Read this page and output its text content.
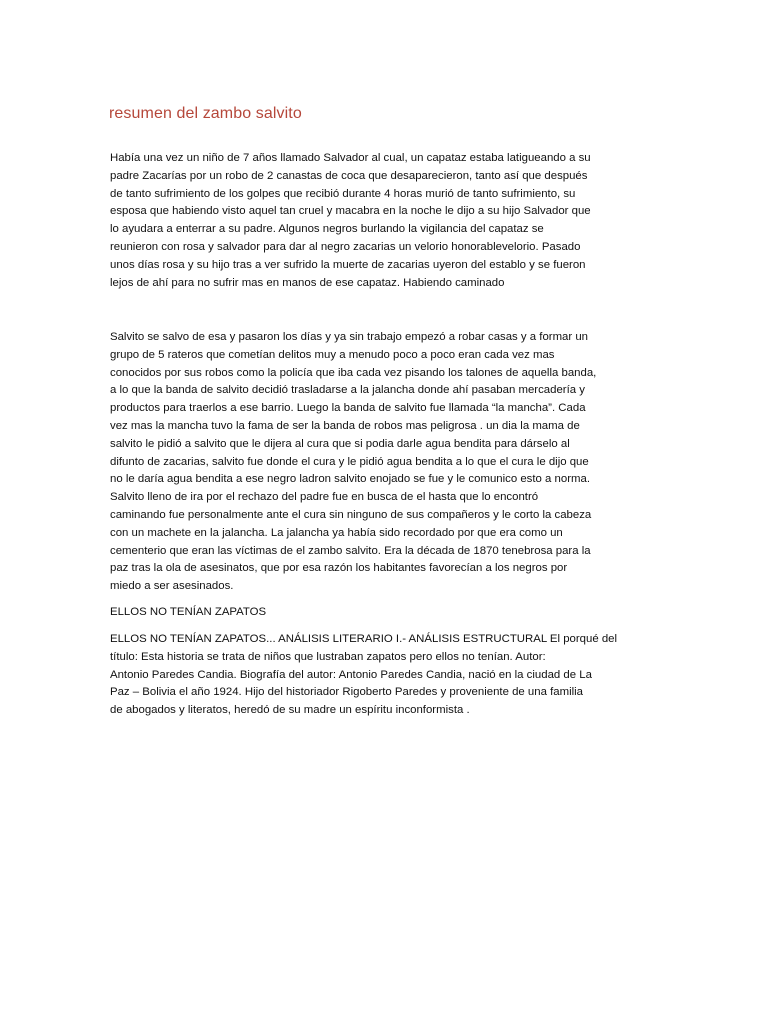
resumen del zambo salvito

Había una vez un niño de 7 años llamado Salvador al cual, un capataz estaba latigueando a su
padre Zacarías por un robo de 2 canastas de coca que desaparecieron, tanto así que después
de tanto sufrimiento de los golpes que recibió durante 4 horas murió de tanto sufrimiento, su
esposa que habiendo visto aquel tan cruel y macabra en la noche le dijo a su hijo Salvador que
lo ayudara a enterrar a su padre. Algunos negros burlando la vigilancia del capataz se
reunieron con rosa y salvador para dar al negro zacarias un velorio honorablevelorio. Pasado
unos días rosa y su hijo tras a ver sufrido la muerte de zacarias uyeron del establo y se fueron
lejos de ahí para no sufrir mas en manos de ese capataz. Habiendo caminado

Salvito se salvo de esa y pasaron los días y ya sin trabajo empezó a robar casas y a formar un
grupo de 5 rateros que cometían delitos muy a menudo poco a poco eran cada vez mas
conocidos por sus robos como la policía que iba cada vez pisando los talones de aquella banda,
a lo que la banda de salvito decidió trasladarse a la jalancha donde ahí pasaban mercadería y
productos para traerlos a ese barrio. Luego la banda de salvito fue llamada “la mancha”. Cada
vez mas la mancha tuvo la fama de ser la banda de robos mas peligrosa . un dia la mama de
salvito le pidió a salvito que le dijera al cura que si podia darle agua bendita para dárselo al
difunto de zacarias, salvito fue donde el cura y le pidió agua bendita a lo que el cura le dijo que
no le daría agua bendita a ese negro ladron salvito enojado se fue y le comunico esto a norma.
Salvito lleno de ira por el rechazo del padre fue en busca de el hasta que lo encontró
caminando fue personalmente ante el cura sin ninguno de sus compañeros y le corto la cabeza
con un machete en la jalancha. La jalancha ya había sido recordado por que era como un
cementerio que eran las víctimas de el zambo salvito. Era la década de 1870 tenebrosa para la
paz tras la ola de asesinatos, que por esa razón los habitantes favorecían a los negros por
miedo a ser asesinados.

ELLOS NO TENÍAN ZAPATOS

ELLOS NO TENÍAN ZAPATOS... ANÁLISIS LITERARIO I.- ANÁLISIS ESTRUCTURAL El porqué del
título: Esta historia se trata de niños que lustraban zapatos pero ellos no tenían. Autor:
Antonio Paredes Candia. Biografía del autor: Antonio Paredes Candia, nació en la ciudad de La
Paz – Bolivia el año 1924. Hijo del historiador Rigoberto Paredes y proveniente de una familia
de abogados y literatos, heredó de su madre un espíritu inconformista .
